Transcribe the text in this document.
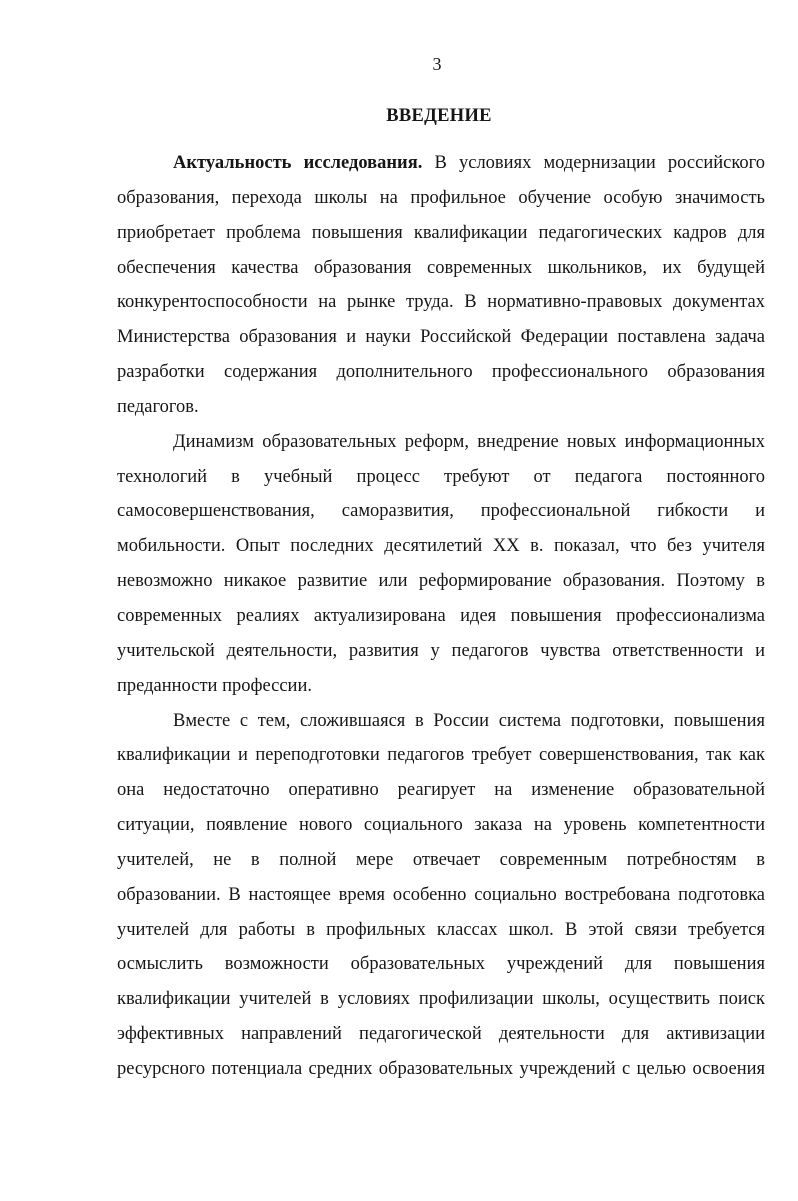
3
ВВЕДЕНИЕ
Актуальность исследования. В условиях модернизации российского
образования, перехода школы на профильное обучение особую значимость
приобретает проблема повышения квалификации педагогических кадров для
обеспечения качества образования современных школьников, их будущей
конкурентоспособности на рынке труда. В нормативно-правовых документах
Министерства образования и науки Российской Федерации поставлена задача
разработки содержания дополнительного профессионального образования
педагогов.
Динамизм образовательных реформ, внедрение новых информационных
технологий в учебный процесс требуют от педагога постоянного
самосовершенствования, саморазвития, профессиональной гибкости и
мобильности. Опыт последних десятилетий XX в. показал, что без учителя
невозможно никакое развитие или реформирование образования. Поэтому в
современных реалиях актуализирована идея повышения профессионализма
учительской деятельности, развития у педагогов чувства ответственности и
преданности профессии.
Вместе с тем, сложившаяся в России система подготовки, повышения
квалификации и переподготовки педагогов требует совершенствования, так как
она недостаточно оперативно реагирует на изменение образовательной
ситуации, появление нового социального заказа на уровень компетентности
учителей, не в полной мере отвечает современным потребностям в
образовании. В настоящее время особенно социально востребована подготовка
учителей для работы в профильных классах школ. В этой связи требуется
осмыслить возможности образовательных учреждений для повышения
квалификации учителей в условиях профилизации школы, осуществить поиск
эффективных направлений педагогической деятельности для активизации
ресурсного потенциала средних образовательных учреждений с целью освоения
